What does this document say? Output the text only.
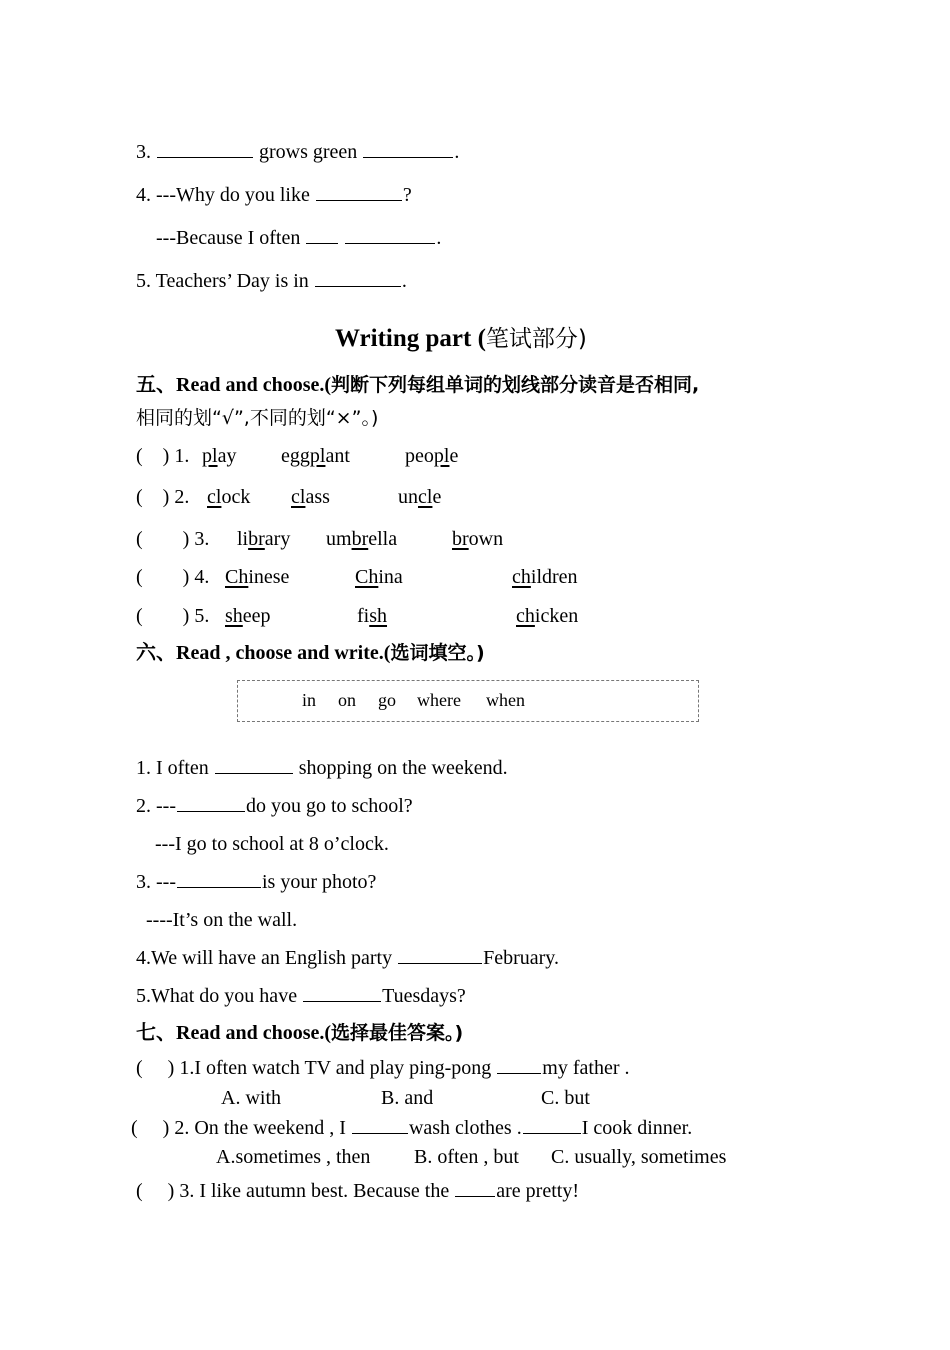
3.	grows green	.
4. ---Why do you like	?
---Because I often	.
5. Teachers’ Day is in	.
Writing part (笔试部分)
五、Read and choose.(判断下列每组单词的划线部分读音是否相同,
相同的划“√”,不同的划“×”。)
(    ) 1. play eggplant	people
(    ) 2. clock class	uncle
(        ) 3. library umbrella	brown
(        ) 4. Chinese	China	children
(        ) 5. sheep	fish	chicken
六、Read , choose and write.(选词填空。)
in on go where when
1. I often	shopping on the weekend.
2. ---	do you go to school?
---I go to school at 8 o’clock.
3. ---	is your photo?
----It’s on the wall.
4.We will have an English party	February.
5.What do you have	Tuesdays?
七、Read and choose.(选择最佳答案。)
(     ) 1.I often watch TV and play ping-pong my father .
A. with	B. and	C. but
(     ) 2. On the weekend , I	wash clothes .	I cook dinner.
A.sometimes , then B. often , but C. usually, sometimes
(     ) 3. I like autumn best. Because the are pretty!
